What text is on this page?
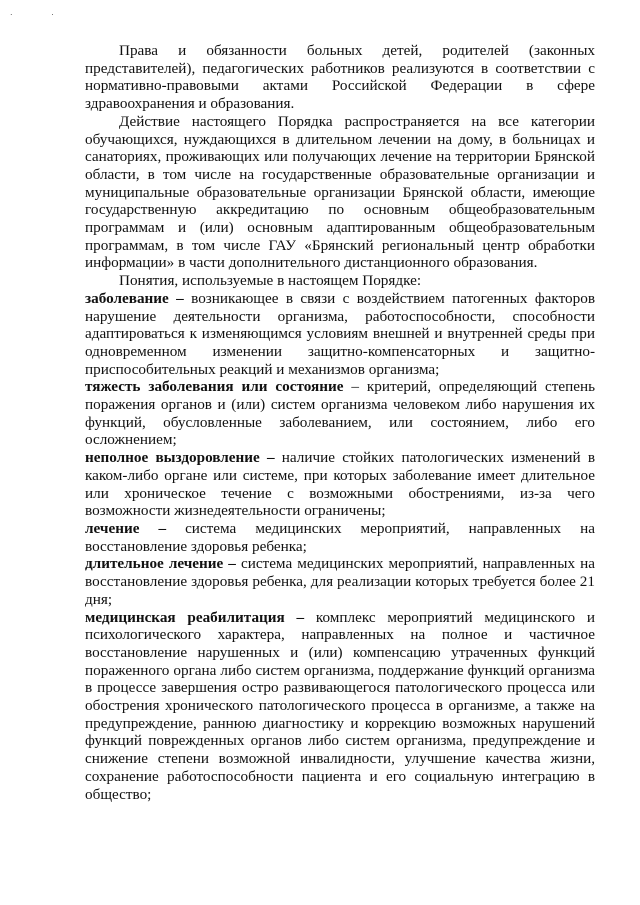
. .

Права и обязанности больных детей, родителей (законных представителей), педагогических работников реализуются в соответствии с нормативно-правовыми актами Российской Федерации в сфере здравоохранения и образования.

Действие настоящего Порядка распространяется на все категории обучающихся, нуждающихся в длительном лечении на дому, в больницах и санаториях, проживающих или получающих лечение на территории Брянской области, в том числе на государственные образовательные организации и муниципальные образовательные организации Брянской области, имеющие государственную аккредитацию по основным общеобразовательным программам и (или) основным адаптированным общеобразовательным программам, в том числе ГАУ «Брянский региональный центр обработки информации» в части дополнительного дистанционного образования.

Понятия, используемые в настоящем Порядке:

заболевание – возникающее в связи с воздействием патогенных факторов нарушение деятельности организма, работоспособности, способности адаптироваться к изменяющимся условиям внешней и внутренней среды при одновременном изменении защитно-компенсаторных и защитно-приспособительных реакций и механизмов организма;

тяжесть заболевания или состояние – критерий, определяющий степень поражения органов и (или) систем организма человеком либо нарушения их функций, обусловленные заболеванием, или состоянием, либо его осложнением;

неполное выздоровление – наличие стойких патологических изменений в каком-либо органе или системе, при которых заболевание имеет длительное или хроническое течение с возможными обострениями, из-за чего возможности жизнедеятельности ограничены;

лечение – система медицинских мероприятий, направленных на восстановление здоровья ребенка;

длительное лечение – система медицинских мероприятий, направленных на восстановление здоровья ребенка, для реализации которых требуется более 21 дня;

медицинская реабилитация – комплекс мероприятий медицинского и психологического характера, направленных на полное и частичное восстановление нарушенных и (или) компенсацию утраченных функций пораженного органа либо систем организма, поддержание функций организма в процессе завершения остро развивающегося патологического процесса или обострения хронического патологического процесса в организме, а также на предупреждение, раннюю диагностику и коррекцию возможных нарушений функций поврежденных органов либо систем организма, предупреждение и снижение степени возможной инвалидности, улучшение качества жизни, сохранение работоспособности пациента и его социальную интеграцию в общество;
